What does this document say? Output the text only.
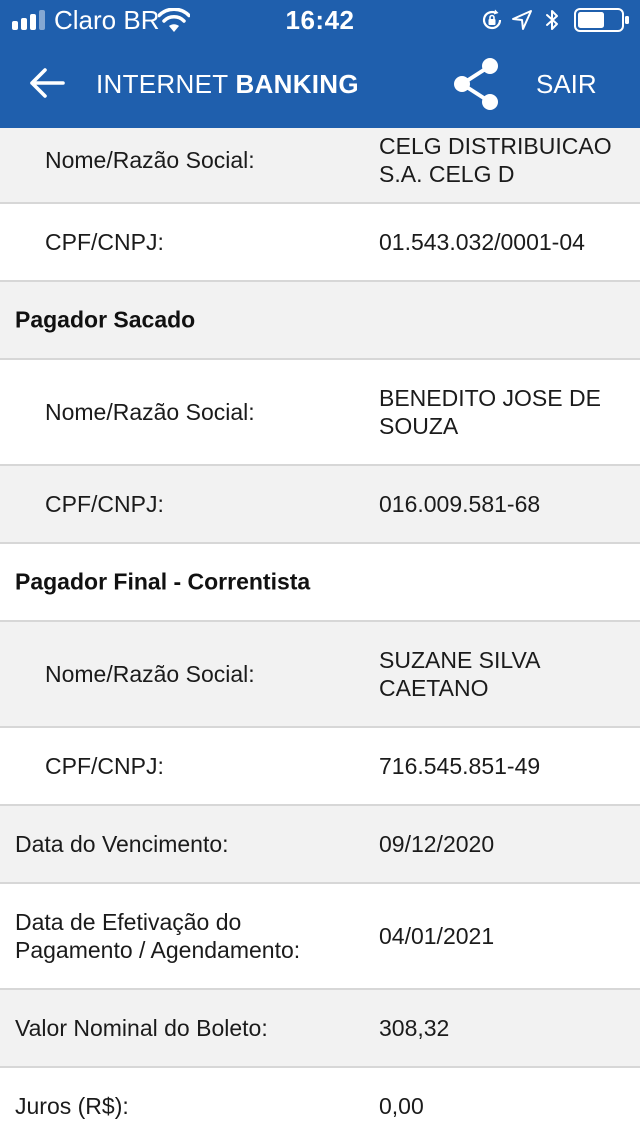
Claro BR	16:42
INTERNET BANKING	SAIR
Nome/Razão Social:
CELG DISTRIBUICAO
S.A. CELG D
CPF/CNPJ:	01.543.032/0001-04
Pagador Sacado
Nome/Razão Social:
BENEDITO JOSE DE
SOUZA
CPF/CNPJ:	016.009.581-68
Pagador Final - Correntista
Nome/Razão Social:
SUZANE SILVA
CAETANO
CPF/CNPJ:	716.545.851-49
Data do Vencimento:	09/12/2020
Data de Efetivação do
Pagamento / Agendamento:
04/01/2021
Valor Nominal do Boleto:	308,32
Juros (R$):	0,00
